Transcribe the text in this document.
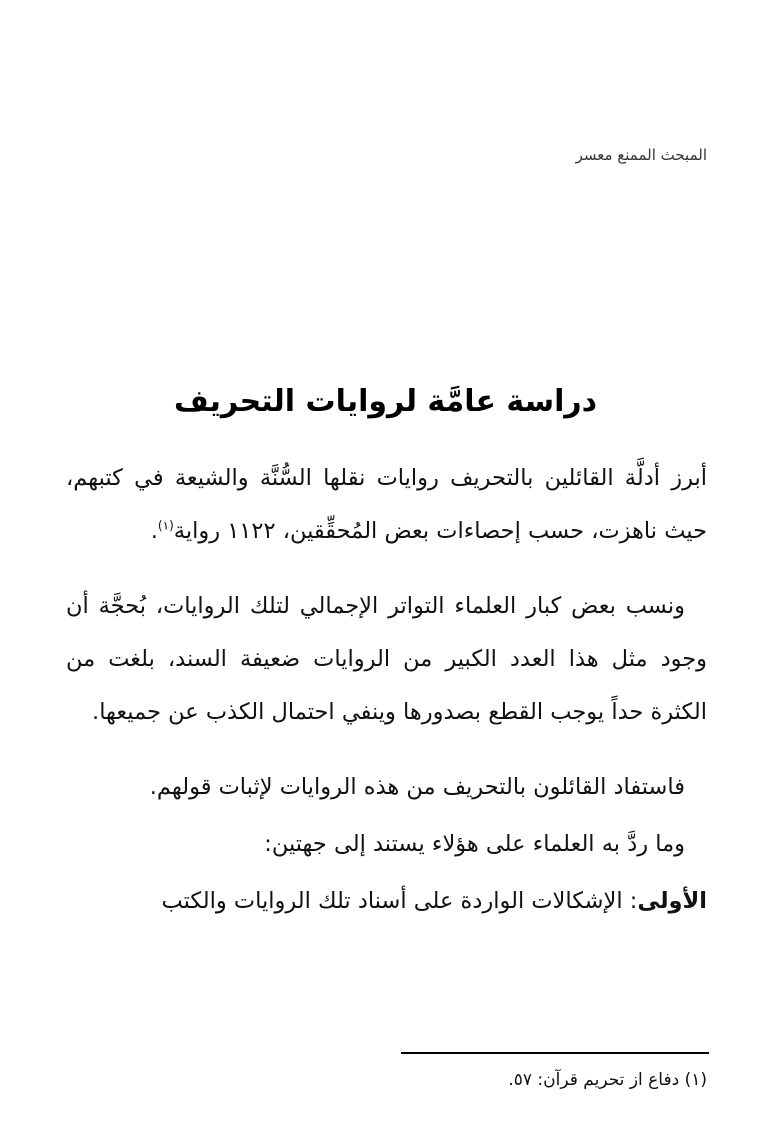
المبحث الممنع معسر
دراسة عامَّة لروايات التحريف

أبرز أدلَّة القائلين بالتحريف روايات نقلها السُّنَّة والشيعة في كتبهم، حيث ناهزت، حسب إحصاءات بعض المُحقِّقين، ١١٢٢ رواية$^{(١)}$.

ونسب بعض كبار العلماء التواتر الإجمالي لتلك الروايات، بُحجَّة أن وجود مثل هذا العدد الكبير من الروايات ضعيفة السند، بلغت من الكثرة حداً يوجب القطع بصدورها وينفي احتمال الكذب عن جميعها.

فاستفاد القائلون بالتحريف من هذه الروايات لإثبات قولهم.

وما ردَّ به العلماء على هؤلاء يستند إلى جهتين:

الأولى: الإشكالات الواردة على أسناد تلك الروايات والكتب

(١) دفاع از تحريم قرآن: ٥٧.
